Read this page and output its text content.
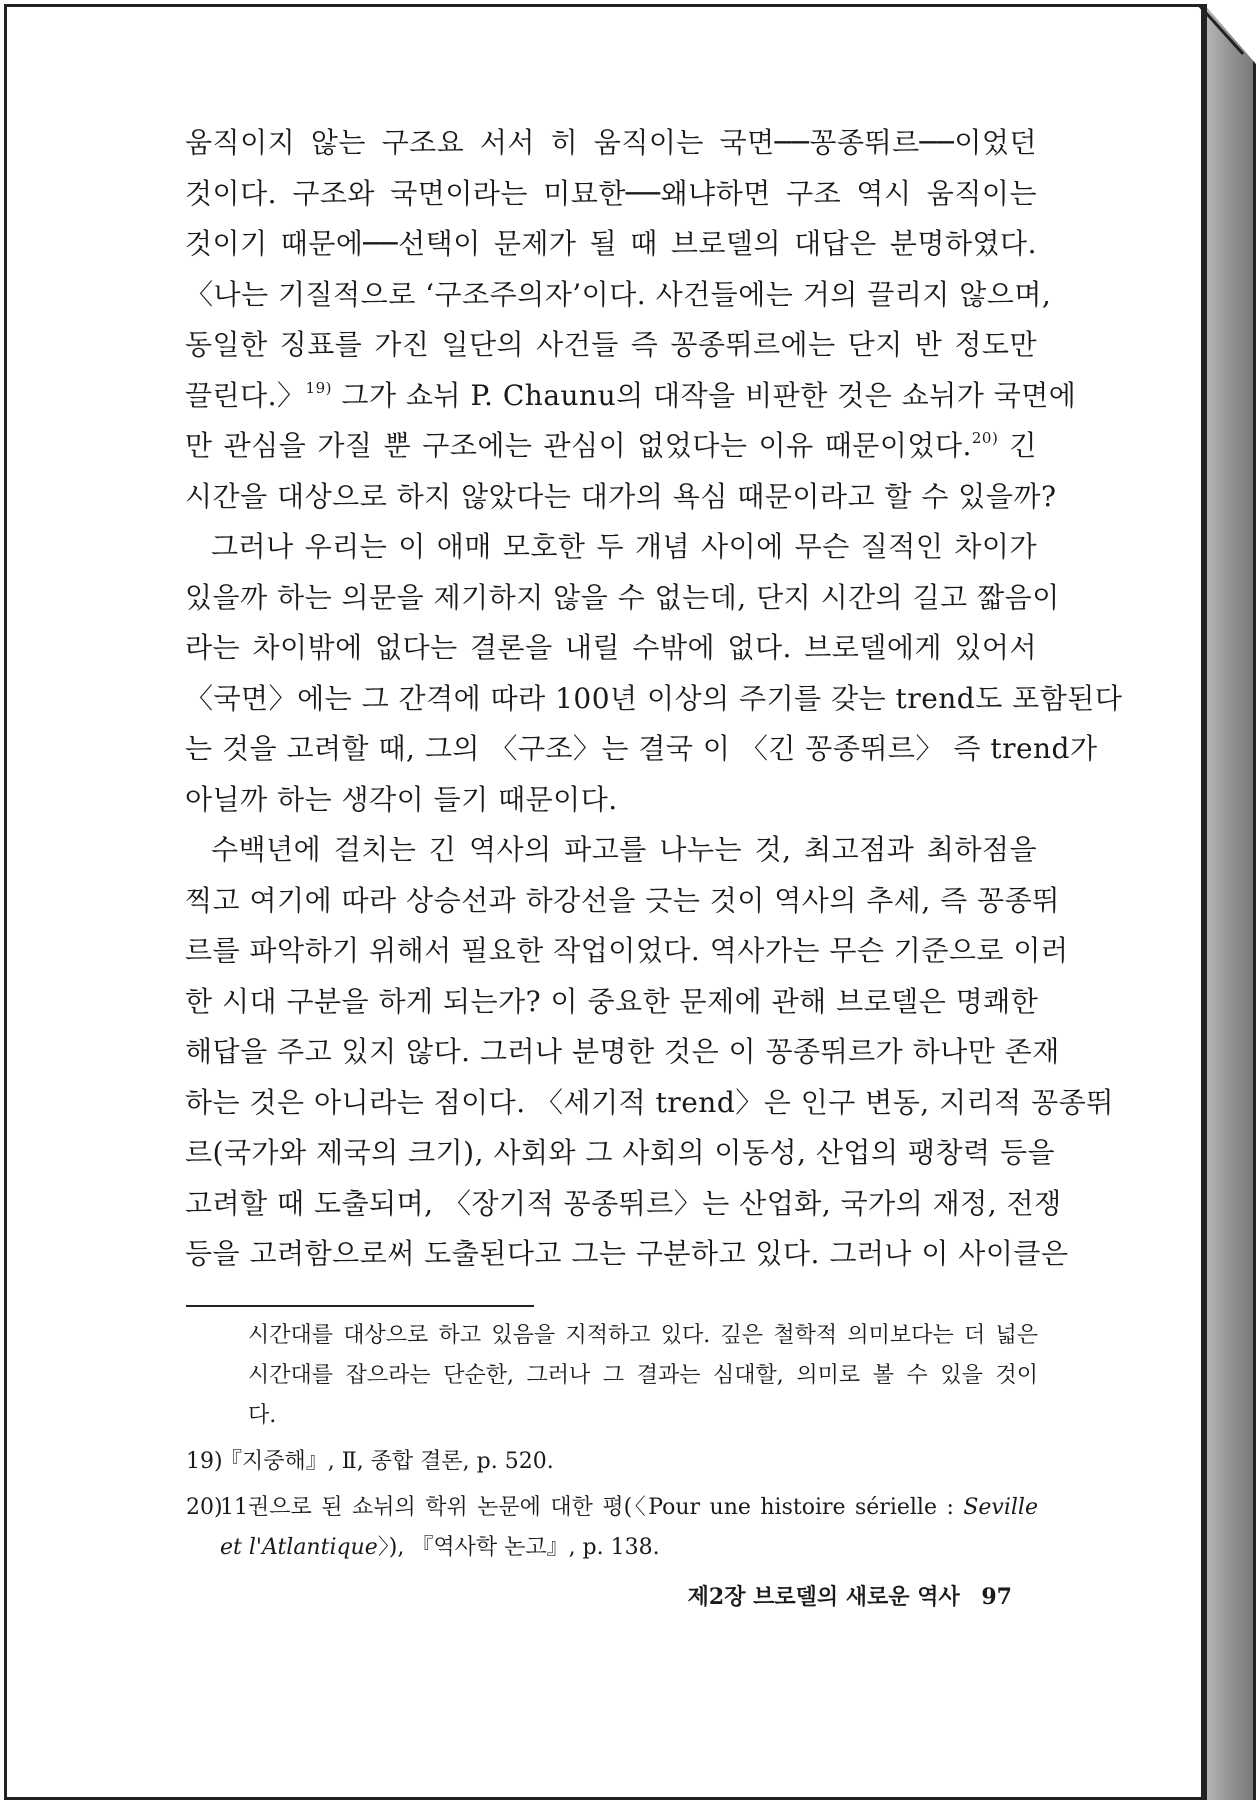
움직이지 않는 구조요 서서 히 움직이는 국면──꽁종뛰르──이었던
것이다. 구조와 국면이라는 미묘한──왜냐하면 구조 역시 움직이는
것이기 때문에──선택이 문제가 될 때 브로델의 대답은 분명하였다.
〈나는 기질적으로 ‘구조주의자’이다. 사건들에는 거의 끌리지 않으며,
동일한 징표를 가진 일단의 사건들 즉 꽁종뛰르에는 단지 반 정도만
끌린다.〉$^{19)}$ 그가 쇼뉘 P. Chaunu의 대작을 비판한 것은 쇼뉘가 국면에
만 관심을 가질 뿐 구조에는 관심이 없었다는 이유 때문이었다.$^{20)}$ 긴
시간을 대상으로 하지 않았다는 대가의 욕심 때문이라고 할 수 있을까?
그러나 우리는 이 애매 모호한 두 개념 사이에 무슨 질적인 차이가
있을까 하는 의문을 제기하지 않을 수 없는데, 단지 시간의 길고 짧음이
라는 차이밖에 없다는 결론을 내릴 수밖에 없다. 브로델에게 있어서
〈국면〉에는 그 간격에 따라 100년 이상의 주기를 갖는 trend도 포함된다
는 것을 고려할 때, 그의 〈구조〉는 결국 이 〈긴 꽁종뛰르〉 즉 trend가
아닐까 하는 생각이 들기 때문이다.
수백년에 걸치는 긴 역사의 파고를 나누는 것, 최고점과 최하점을
찍고 여기에 따라 상승선과 하강선을 긋는 것이 역사의 추세, 즉 꽁종뛰
르를 파악하기 위해서 필요한 작업이었다. 역사가는 무슨 기준으로 이러
한 시대 구분을 하게 되는가? 이 중요한 문제에 관해 브로델은 명쾌한
해답을 주고 있지 않다. 그러나 분명한 것은 이 꽁종뛰르가 하나만 존재
하는 것은 아니라는 점이다. 〈세기적 trend〉은 인구 변동, 지리적 꽁종뛰
르(국가와 제국의 크기), 사회와 그 사회의 이동성, 산업의 팽창력 등을
고려할 때 도출되며, 〈장기적 꽁종뛰르〉는 산업화, 국가의 재정, 전쟁
등을 고려함으로써 도출된다고 그는 구분하고 있다. 그러나 이 사이클은
시간대를 대상으로 하고 있음을 지적하고 있다. 깊은 철학적 의미보다는 더 넓은
시간대를 잡으라는 단순한, 그러나 그 결과는 심대할, 의미로 볼 수 있을 것이
다.
19)『지중해』, Ⅱ, 종합 결론, p. 520.
20)11권으로 된 쇼뉘의 학위 논문에 대한 평(〈Pour une histoire sérielle : Seville
et l'Atlantique〉), 『역사학 논고』, p. 138.
제2장 브로델의 새로운 역사 97
